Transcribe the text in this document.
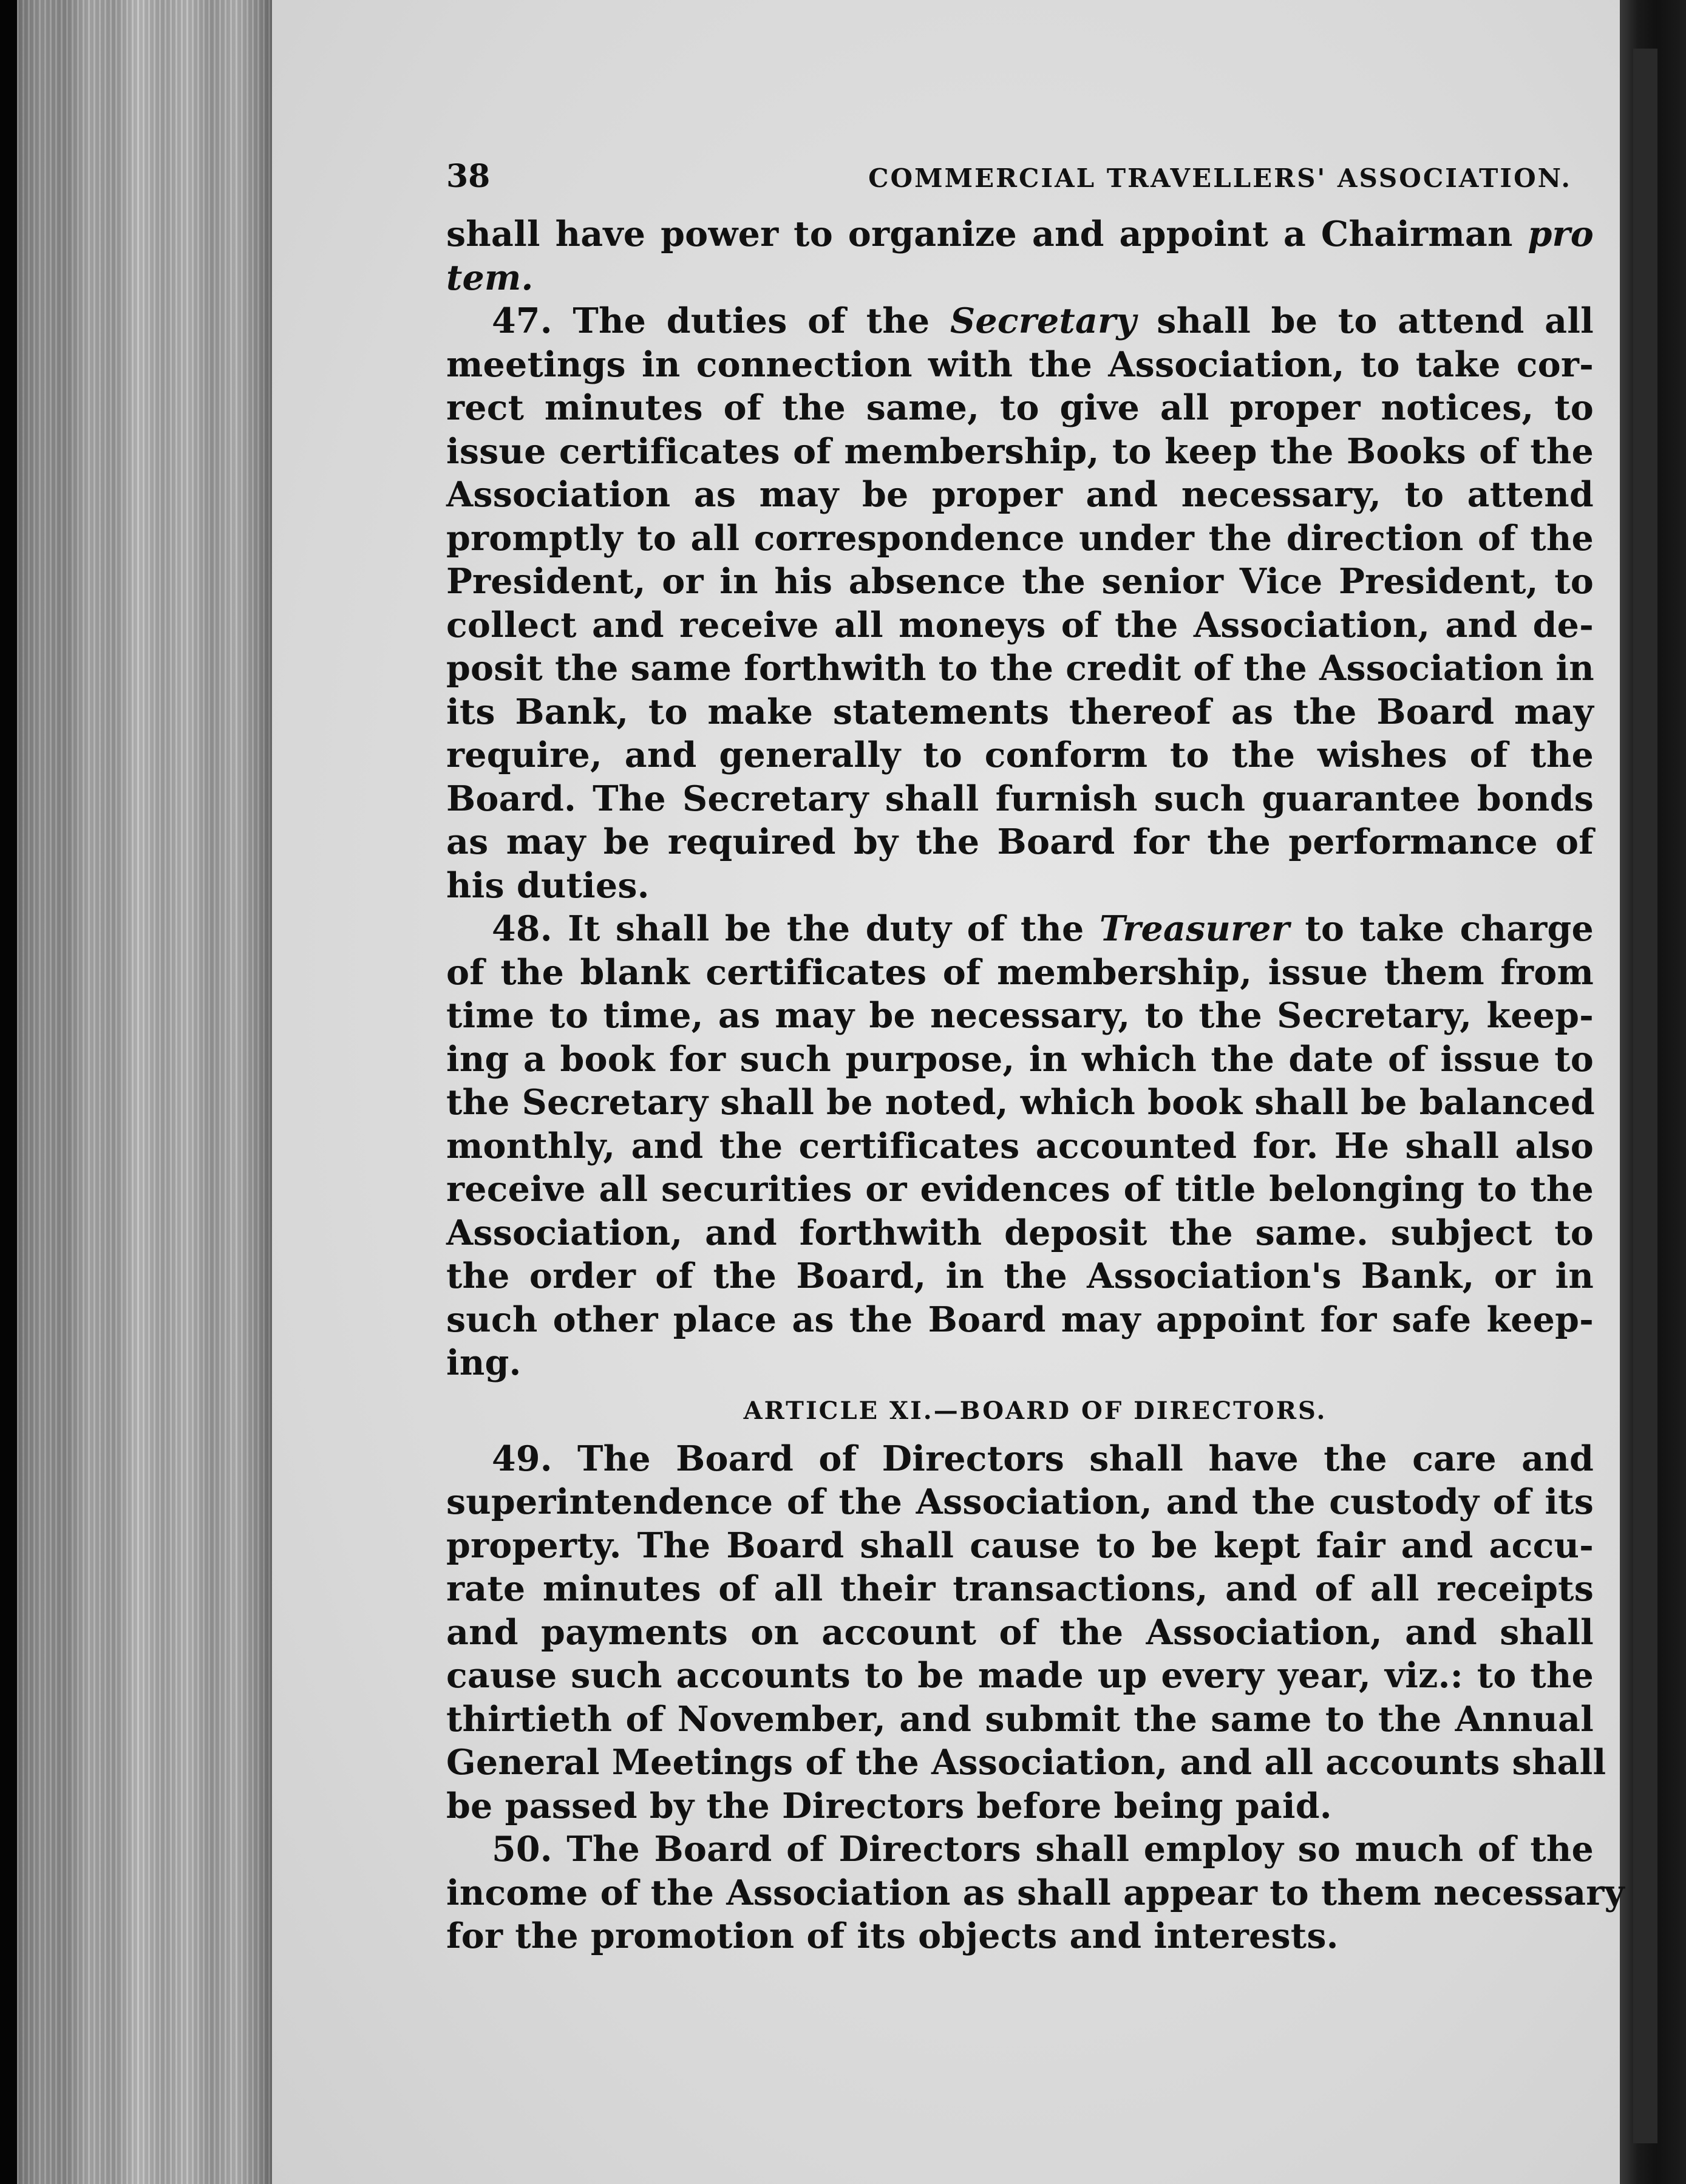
38	COMMERCIAL TRAVELLERS' ASSOCIATION.
shall have power to organize and appoint a Chairman pro
tem.
47. The duties of the Secretary shall be to attend all
meetings in connection with the Association, to take cor-
rect minutes of the same, to give all proper notices, to
issue certificates of membership, to keep the Books of the
Association as may be proper and necessary, to attend
promptly to all correspondence under the direction of the
President, or in his absence the senior Vice President, to
collect and receive all moneys of the Association, and de-
posit the same forthwith to the credit of the Association in
its Bank, to make statements thereof as the Board may
require, and generally to conform to the wishes of the
Board. The Secretary shall furnish such guarantee bonds
as may be required by the Board for the performance of
his duties.
48. It shall be the duty of the Treasurer to take charge
of the blank certificates of membership, issue them from
time to time, as may be necessary, to the Secretary, keep-
ing a book for such purpose, in which the date of issue to
the Secretary shall be noted, which book shall be balanced
monthly, and the certificates accounted for. He shall also
receive all securities or evidences of title belonging to the
Association, and forthwith deposit the same. subject to
the order of the Board, in the Association's Bank, or in
such other place as the Board may appoint for safe keep-
ing.
ARTICLE XI.—BOARD OF DIRECTORS.
49. The Board of Directors shall have the care and
superintendence of the Association, and the custody of its
property. The Board shall cause to be kept fair and accu-
rate minutes of all their transactions, and of all receipts
and payments on account of the Association, and shall
cause such accounts to be made up every year, viz.: to the
thirtieth of November, and submit the same to the Annual
General Meetings of the Association, and all accounts shall
be passed by the Directors before being paid.
50. The Board of Directors shall employ so much of the
income of the Association as shall appear to them necessary
for the promotion of its objects and interests.
